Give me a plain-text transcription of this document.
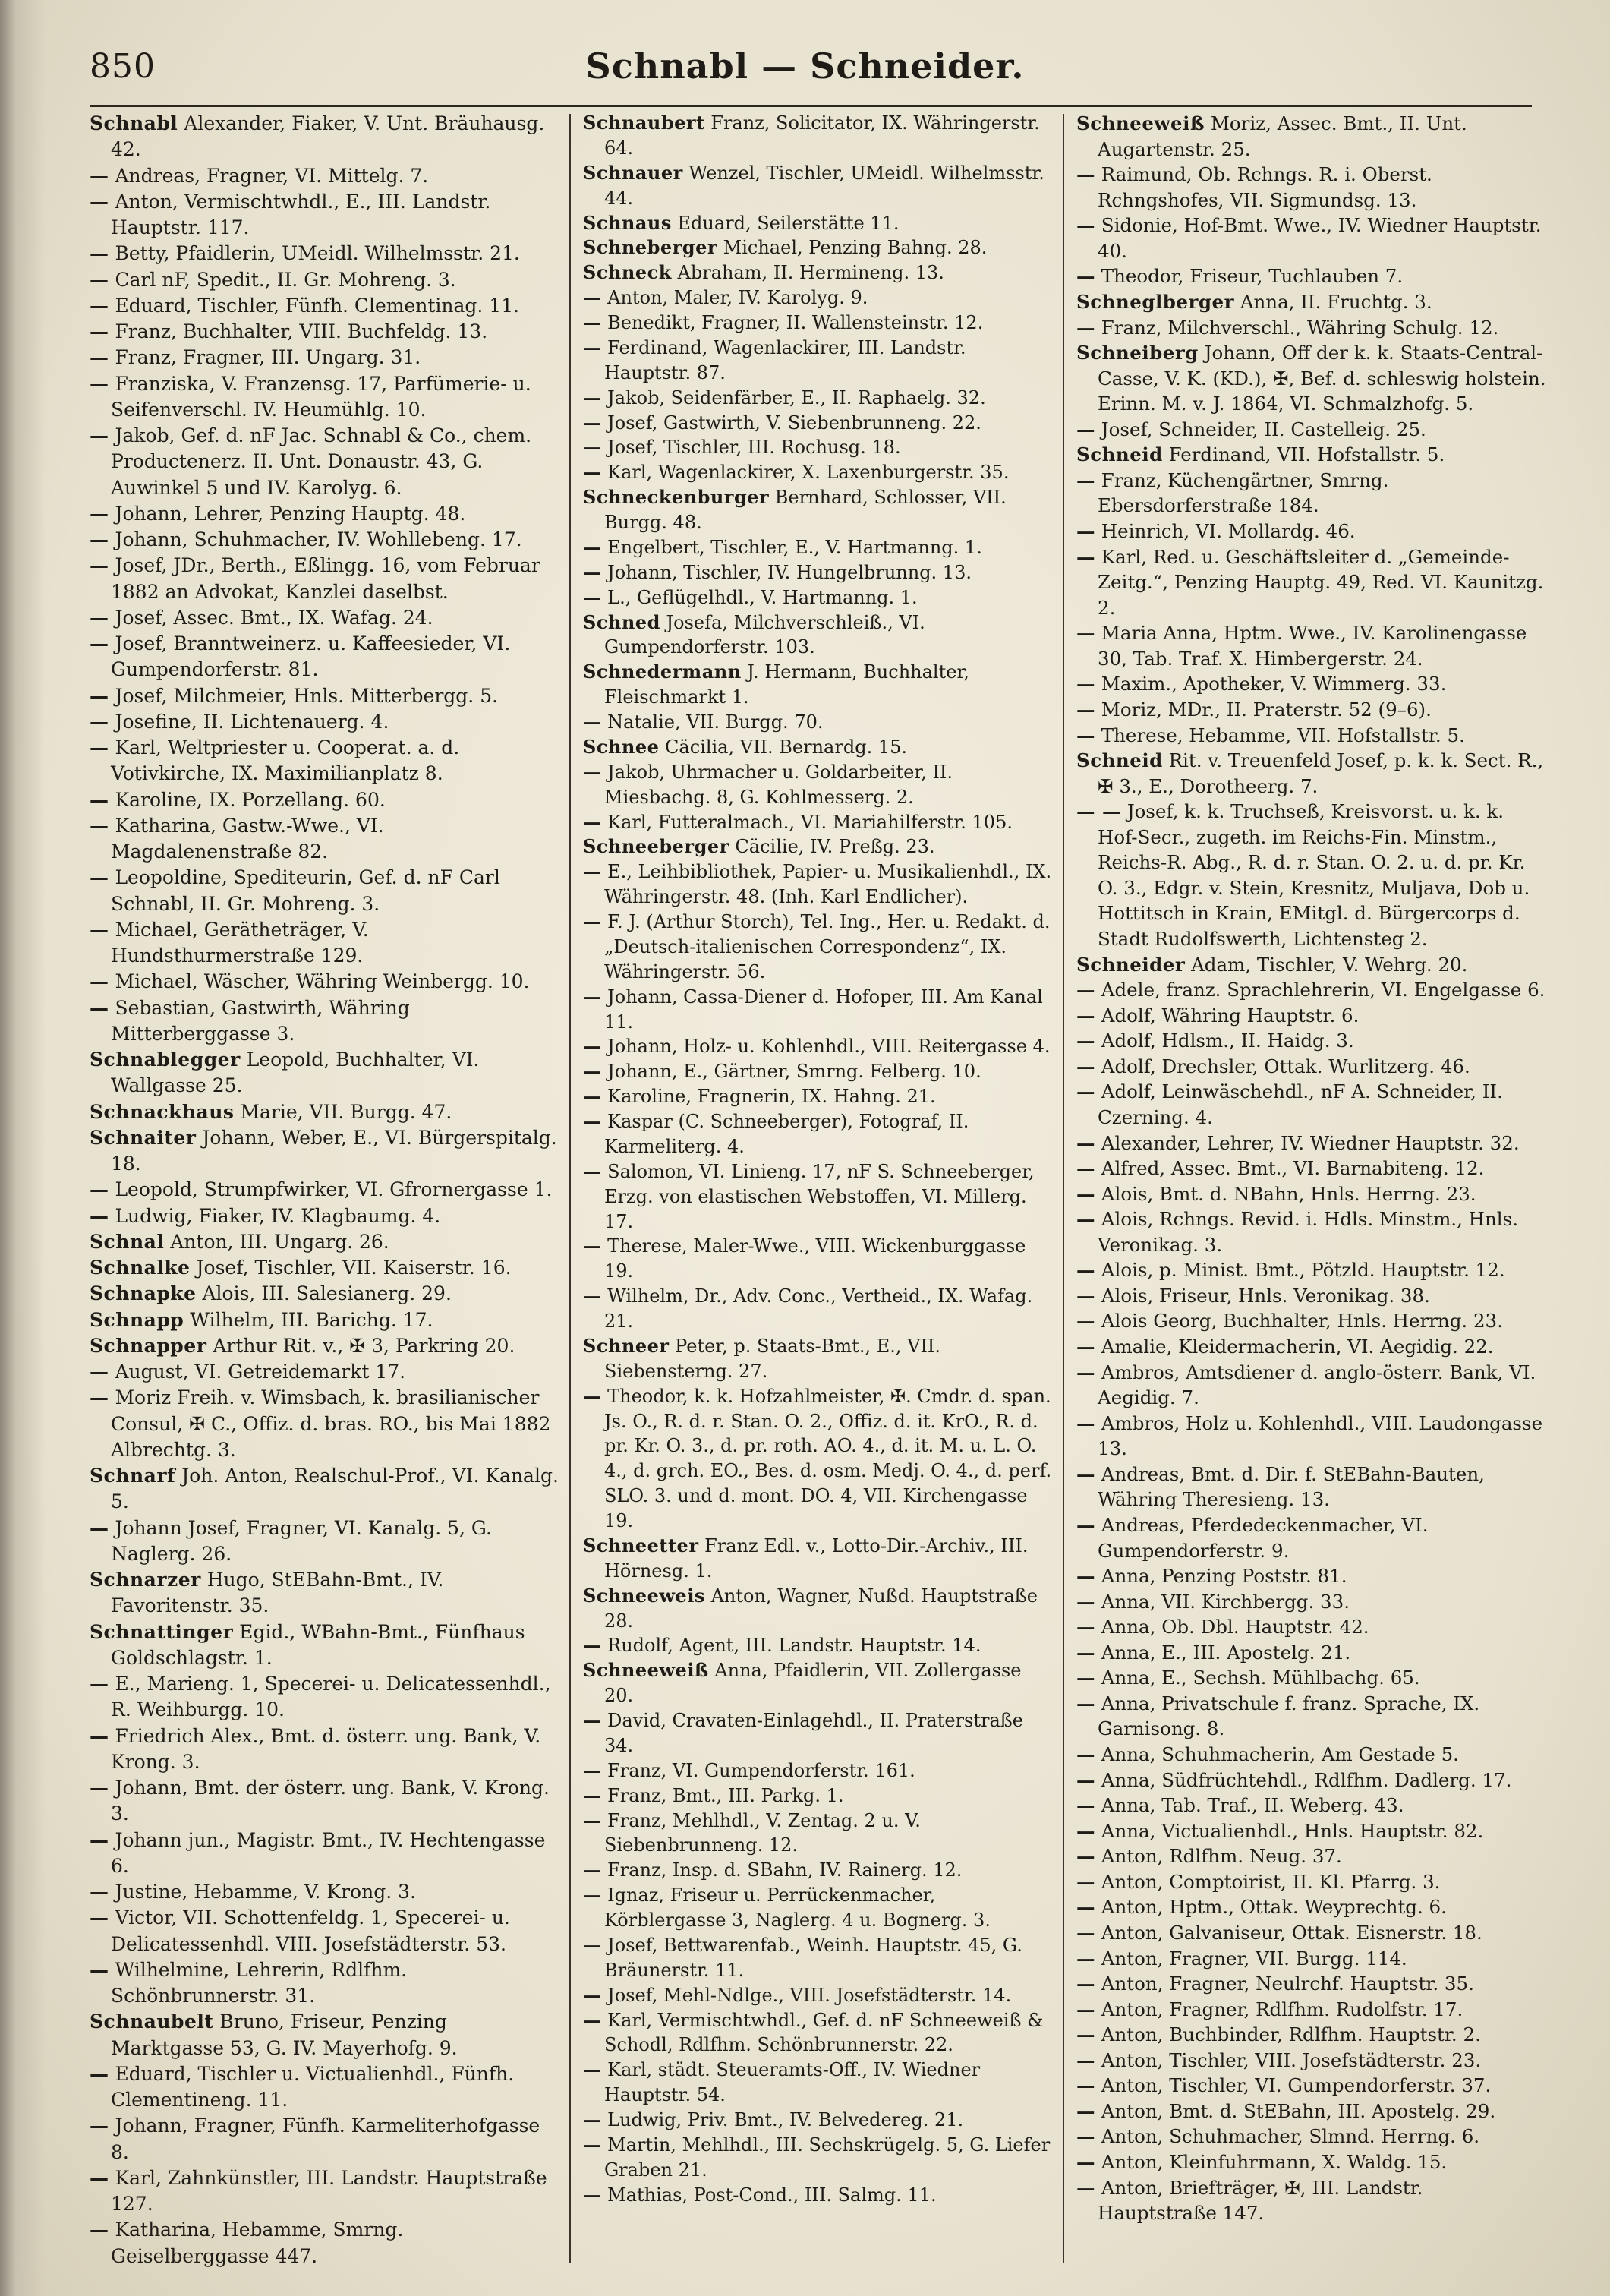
850	Schnabl — Schneider.

Schnabl Alexander, Fiaker, V. Unt. Bräuhausg. 42.

— Andreas, Fragner, VI. Mittelg. 7.

— Anton, Vermischtwhdl., E., III. Landstr. Hauptstr. 117.

— Betty, Pfaidlerin, UMeidl. Wilhelmsstr. 21.

— Carl nF, Spedit., II. Gr. Mohreng. 3.

— Eduard, Tischler, Fünfh. Clementinag. 11.

— Franz, Buchhalter, VIII. Buchfeldg. 13.

— Franz, Fragner, III. Ungarg. 31.

— Franziska, V. Franzensg. 17, Parfümerie- u. Seifenverschl. IV. Heumühlg. 10.

— Jakob, Gef. d. nF Jac. Schnabl & Co., chem. Productenerz. II. Unt. Donaustr. 43, G. Auwinkel 5 und IV. Karolyg. 6.

— Johann, Lehrer, Penzing Hauptg. 48.

— Johann, Schuhmacher, IV. Wohllebeng. 17.

— Josef, JDr., Berth., Eßlingg. 16, vom Februar 1882 an Advokat, Kanzlei daselbst.

— Josef, Assec. Bmt., IX. Wafag. 24.

— Josef, Branntweinerz. u. Kaffeesieder, VI. Gumpendorferstr. 81.

— Josef, Milchmeier, Hnls. Mitterbergg. 5.

— Josefine, II. Lichtenauerg. 4.

— Karl, Weltpriester u. Cooperat. a. d. Votivkirche, IX. Maximilianplatz 8.

— Karoline, IX. Porzellang. 60.

— Katharina, Gastw.-Wwe., VI. Magdalenenstraße 82.

— Leopoldine, Spediteurin, Gef. d. nF Carl Schnabl, II. Gr. Mohreng. 3.

— Michael, Gerätheträger, V. Hundsthurmerstraße 129.

— Michael, Wäscher, Währing Weinbergg. 10.

— Sebastian, Gastwirth, Währing Mitterberggasse 3.

Schnablegger Leopold, Buchhalter, VI. Wallgasse 25.

Schnackhaus Marie, VII. Burgg. 47.

Schnaiter Johann, Weber, E., VI. Bürgerspitalg. 18.

— Leopold, Strumpfwirker, VI. Gfrornergasse 1.

— Ludwig, Fiaker, IV. Klagbaumg. 4.

Schnal Anton, III. Ungarg. 26.

Schnalke Josef, Tischler, VII. Kaiserstr. 16.

Schnapke Alois, III. Salesianerg. 29.

Schnapp Wilhelm, III. Barichg. 17.

Schnapper Arthur Rit. v., ✠ 3, Parkring 20.

— August, VI. Getreidemarkt 17.

— Moriz Freih. v. Wimsbach, k. brasilianischer Consul, ✠ C., Offiz. d. bras. RO., bis Mai 1882 Albrechtg. 3.

Schnarf Joh. Anton, Realschul-Prof., VI. Kanalg. 5.

— Johann Josef, Fragner, VI. Kanalg. 5, G. Naglerg. 26.

Schnarzer Hugo, StEBahn-Bmt., IV. Favoritenstr. 35.

Schnattinger Egid., WBahn-Bmt., Fünfhaus Goldschlagstr. 1.

— E., Marieng. 1, Specerei- u. Delicatessenhdl., R. Weihburgg. 10.

— Friedrich Alex., Bmt. d. österr. ung. Bank, V. Krong. 3.

— Johann, Bmt. der österr. ung. Bank, V. Krong. 3.

— Johann jun., Magistr. Bmt., IV. Hechtengasse 6.

— Justine, Hebamme, V. Krong. 3.

— Victor, VII. Schottenfeldg. 1, Specerei- u. Delicatessenhdl. VIII. Josefstädterstr. 53.

— Wilhelmine, Lehrerin, Rdlfhm. Schönbrunnerstr. 31.

Schnaubelt Bruno, Friseur, Penzing Marktgasse 53, G. IV. Mayerhofg. 9.

— Eduard, Tischler u. Victualienhdl., Fünfh. Clementineng. 11.

— Johann, Fragner, Fünfh. Karmeliterhofgasse 8.

— Karl, Zahnkünstler, III. Landstr. Hauptstraße 127.

— Katharina, Hebamme, Smrng. Geiselberggasse 447.

Schnaubert Franz, Solicitator, IX. Währingerstr. 64.

Schnauer Wenzel, Tischler, UMeidl. Wilhelmsstr. 44.

Schnaus Eduard, Seilerstätte 11.

Schneberger Michael, Penzing Bahng. 28.

Schneck Abraham, II. Hermineng. 13.

— Anton, Maler, IV. Karolyg. 9.

— Benedikt, Fragner, II. Wallensteinstr. 12.

— Ferdinand, Wagenlackirer, III. Landstr. Hauptstr. 87.

— Jakob, Seidenfärber, E., II. Raphaelg. 32.

— Josef, Gastwirth, V. Siebenbrunneng. 22.

— Josef, Tischler, III. Rochusg. 18.

— Karl, Wagenlackirer, X. Laxenburgerstr. 35.

Schneckenburger Bernhard, Schlosser, VII. Burgg. 48.

— Engelbert, Tischler, E., V. Hartmanng. 1.

— Johann, Tischler, IV. Hungelbrunng. 13.

— L., Geflügelhdl., V. Hartmanng. 1.

Schned Josefa, Milchverschleiß., VI. Gumpendorferstr. 103.

Schnedermann J. Hermann, Buchhalter, Fleischmarkt 1.

— Natalie, VII. Burgg. 70.

Schnee Cäcilia, VII. Bernardg. 15.

— Jakob, Uhrmacher u. Goldarbeiter, II. Miesbachg. 8, G. Kohlmesserg. 2.

— Karl, Futteralmach., VI. Mariahilferstr. 105.

Schneeberger Cäcilie, IV. Preßg. 23.

— E., Leihbibliothek, Papier- u. Musikalienhdl., IX. Währingerstr. 48. (Inh. Karl Endlicher).

— F. J. (Arthur Storch), Tel. Ing., Her. u. Redakt. d. „Deutsch-italienischen Correspondenz“, IX. Währingerstr. 56.

— Johann, Cassa-Diener d. Hofoper, III. Am Kanal 11.

— Johann, Holz- u. Kohlenhdl., VIII. Reitergasse 4.

— Johann, E., Gärtner, Smrng. Felberg. 10.

— Karoline, Fragnerin, IX. Hahng. 21.

— Kaspar (C. Schneeberger), Fotograf, II. Karmeliterg. 4.

— Salomon, VI. Linieng. 17, nF S. Schneeberger, Erzg. von elastischen Webstoffen, VI. Millerg. 17.

— Therese, Maler-Wwe., VIII. Wickenburggasse 19.

— Wilhelm, Dr., Adv. Conc., Vertheid., IX. Wafag. 21.

Schneer Peter, p. Staats-Bmt., E., VII. Siebensterng. 27.

— Theodor, k. k. Hofzahlmeister, ✠. Cmdr. d. span. Js. O., R. d. r. Stan. O. 2., Offiz. d. it. KrO., R. d. pr. Kr. O. 3., d. pr. roth. AO. 4., d. it. M. u. L. O. 4., d. grch. EO., Bes. d. osm. Medj. O. 4., d. perf. SLO. 3. und d. mont. DO. 4, VII. Kirchengasse 19.

Schneetter Franz Edl. v., Lotto-Dir.-Archiv., III. Hörnesg. 1.

Schneeweis Anton, Wagner, Nußd. Hauptstraße 28.

— Rudolf, Agent, III. Landstr. Hauptstr. 14.

Schneeweiß Anna, Pfaidlerin, VII. Zollergasse 20.

— David, Cravaten-Einlagehdl., II. Praterstraße 34.

— Franz, VI. Gumpendorferstr. 161.

— Franz, Bmt., III. Parkg. 1.

— Franz, Mehlhdl., V. Zentag. 2 u. V. Siebenbrunneng. 12.

— Franz, Insp. d. SBahn, IV. Rainerg. 12.

— Ignaz, Friseur u. Perrückenmacher, Körblergasse 3, Naglerg. 4 u. Bognerg. 3.

— Josef, Bettwarenfab., Weinh. Hauptstr. 45, G. Bräunerstr. 11.

— Josef, Mehl-Ndlge., VIII. Josefstädterstr. 14.

— Karl, Vermischtwhdl., Gef. d. nF Schneeweiß & Schodl, Rdlfhm. Schönbrunnerstr. 22.

— Karl, städt. Steueramts-Off., IV. Wiedner Hauptstr. 54.

— Ludwig, Priv. Bmt., IV. Belvedereg. 21.

— Martin, Mehlhdl., III. Sechskrügelg. 5, G. Liefer Graben 21.

— Mathias, Post-Cond., III. Salmg. 11.

Schneeweiß Moriz, Assec. Bmt., II. Unt. Augartenstr. 25.

— Raimund, Ob. Rchngs. R. i. Oberst. Rchngshofes, VII. Sigmundsg. 13.

— Sidonie, Hof-Bmt. Wwe., IV. Wiedner Hauptstr. 40.

— Theodor, Friseur, Tuchlauben 7.

Schneglberger Anna, II. Fruchtg. 3.

— Franz, Milchverschl., Währing Schulg. 12.

Schneiberg Johann, Off der k. k. Staats-Central-Casse, V. K. (KD.), ✠, Bef. d. schleswig holstein. Erinn. M. v. J. 1864, VI. Schmalzhofg. 5.

— Josef, Schneider, II. Castelleig. 25.

Schneid Ferdinand, VII. Hofstallstr. 5.

— Franz, Küchengärtner, Smrng. Ebersdorferstraße 184.

— Heinrich, VI. Mollardg. 46.

— Karl, Red. u. Geschäftsleiter d. „Gemeinde-Zeitg.“, Penzing Hauptg. 49, Red. VI. Kaunitzg. 2.

— Maria Anna, Hptm. Wwe., IV. Karolinengasse 30, Tab. Traf. X. Himbergerstr. 24.

— Maxim., Apotheker, V. Wimmerg. 33.

— Moriz, MDr., II. Praterstr. 52 (9–6).

— Therese, Hebamme, VII. Hofstallstr. 5.

Schneid Rit. v. Treuenfeld Josef, p. k. k. Sect. R., ✠ 3., E., Dorotheerg. 7.

— — Josef, k. k. Truchseß, Kreisvorst. u. k. k. Hof-Secr., zugeth. im Reichs-Fin. Minstm., Reichs-R. Abg., R. d. r. Stan. O. 2. u. d. pr. Kr. O. 3., Edgr. v. Stein, Kresnitz, Muljava, Dob u. Hottitsch in Krain, EMitgl. d. Bürgercorps d. Stadt Rudolfswerth, Lichtensteg 2.

Schneider Adam, Tischler, V. Wehrg. 20.

— Adele, franz. Sprachlehrerin, VI. Engelgasse 6.

— Adolf, Währing Hauptstr. 6.

— Adolf, Hdlsm., II. Haidg. 3.

— Adolf, Drechsler, Ottak. Wurlitzerg. 46.

— Adolf, Leinwäschehdl., nF A. Schneider, II. Czerning. 4.

— Alexander, Lehrer, IV. Wiedner Hauptstr. 32.

— Alfred, Assec. Bmt., VI. Barnabiteng. 12.

— Alois, Bmt. d. NBahn, Hnls. Herrng. 23.

— Alois, Rchngs. Revid. i. Hdls. Minstm., Hnls. Veronikag. 3.

— Alois, p. Minist. Bmt., Pötzld. Hauptstr. 12.

— Alois, Friseur, Hnls. Veronikag. 38.

— Alois Georg, Buchhalter, Hnls. Herrng. 23.

— Amalie, Kleidermacherin, VI. Aegidig. 22.

— Ambros, Amtsdiener d. anglo-österr. Bank, VI. Aegidig. 7.

— Ambros, Holz u. Kohlenhdl., VIII. Laudongasse 13.

— Andreas, Bmt. d. Dir. f. StEBahn-Bauten, Währing Theresieng. 13.

— Andreas, Pferdedeckenmacher, VI. Gumpendorferstr. 9.

— Anna, Penzing Poststr. 81.

— Anna, VII. Kirchbergg. 33.

— Anna, Ob. Dbl. Hauptstr. 42.

— Anna, E., III. Apostelg. 21.

— Anna, E., Sechsh. Mühlbachg. 65.

— Anna, Privatschule f. franz. Sprache, IX. Garnisong. 8.

— Anna, Schuhmacherin, Am Gestade 5.

— Anna, Südfrüchtehdl., Rdlfhm. Dadlerg. 17.

— Anna, Tab. Traf., II. Weberg. 43.

— Anna, Victualienhdl., Hnls. Hauptstr. 82.

— Anton, Rdlfhm. Neug. 37.

— Anton, Comptoirist, II. Kl. Pfarrg. 3.

— Anton, Hptm., Ottak. Weyprechtg. 6.

— Anton, Galvaniseur, Ottak. Eisnerstr. 18.

— Anton, Fragner, VII. Burgg. 114.

— Anton, Fragner, Neulrchf. Hauptstr. 35.

— Anton, Fragner, Rdlfhm. Rudolfstr. 17.

— Anton, Buchbinder, Rdlfhm. Hauptstr. 2.

— Anton, Tischler, VIII. Josefstädterstr. 23.

— Anton, Tischler, VI. Gumpendorferstr. 37.

— Anton, Bmt. d. StEBahn, III. Apostelg. 29.

— Anton, Schuhmacher, Slmnd. Herrng. 6.

— Anton, Kleinfuhrmann, X. Waldg. 15.

— Anton, Briefträger, ✠, III. Landstr. Hauptstraße 147.
